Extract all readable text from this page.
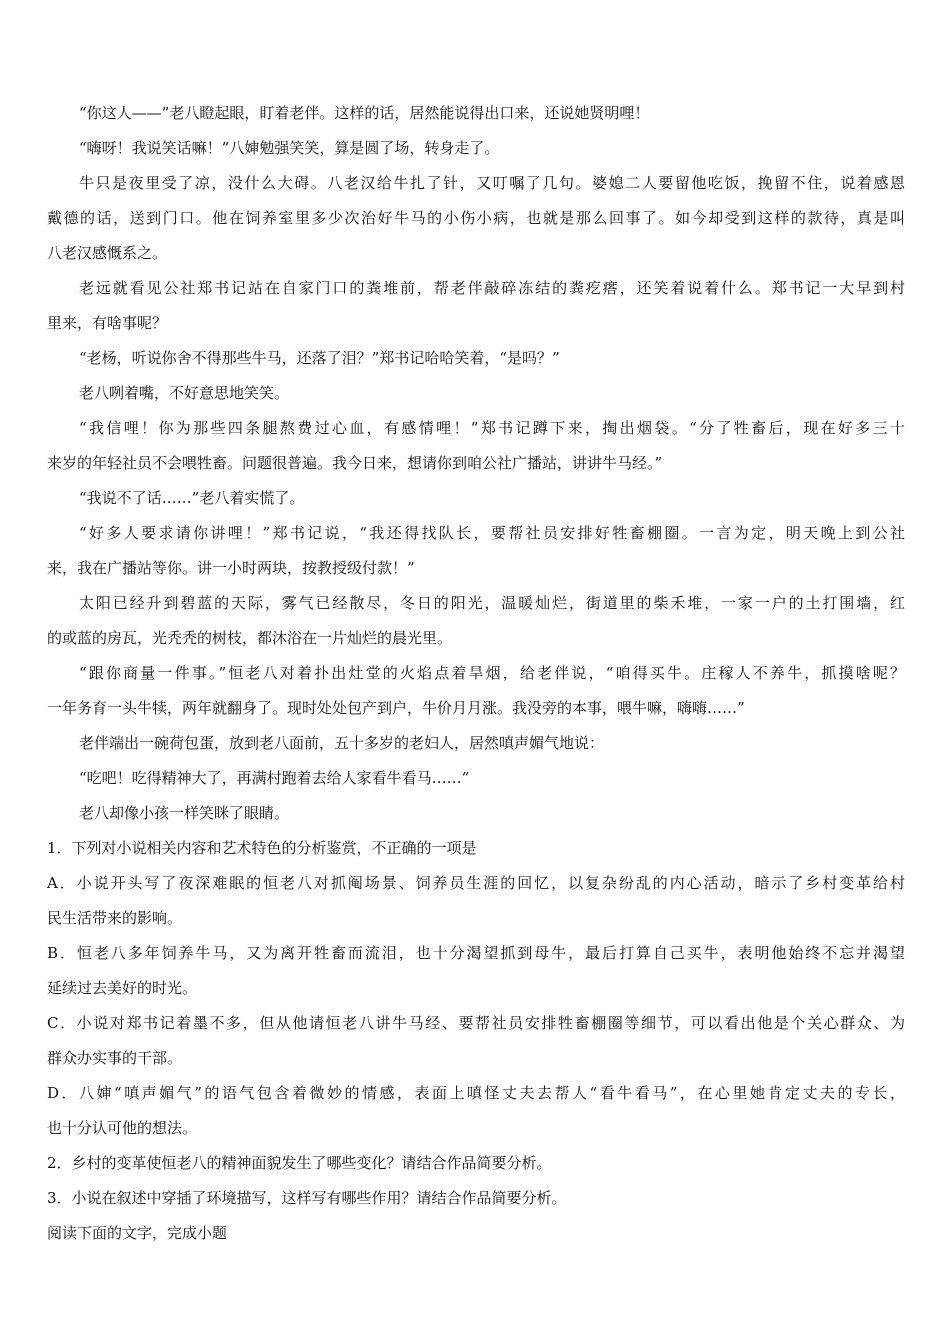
“你这人——”老八瞪起眼，盯着老伴。这样的话，居然能说得出口来，还说她贤明哩！
“嗨呀！我说笑话嘛！”八婶勉强笑笑，算是圆了场，转身走了。
牛只是夜里受了凉，没什么大碍。八老汉给牛扎了针，又叮嘱了几句。婆媳二人要留他吃饭，挽留不住，说着感恩
戴德的话，送到门口。他在饲养室里多少次治好牛马的小伤小病，也就是那么回事了。如今却受到这样的款待，真是叫
八老汉感慨系之。
老远就看见公社郑书记站在自家门口的粪堆前，帮老伴敲碎冻结的粪疙瘩，还笑着说着什么。郑书记一大早到村
里来，有啥事呢？
“老杨，听说你舍不得那些牛马，还落了泪？”郑书记哈哈笑着，“是吗？”
老八咧着嘴，不好意思地笑笑。
“我信哩！你为那些四条腿熬费过心血，有感情哩！”郑书记蹲下来，掏出烟袋。“分了牲畜后，现在好多三十
来岁的年轻社员不会喂牲畜。问题很普遍。我今日来，想请你到咱公社广播站，讲讲牛马经。”
“我说不了话……”老八着实慌了。
“好多人要求请你讲哩！”郑书记说，“我还得找队长，要帮社员安排好牲畜棚圈。一言为定，明天晚上到公社
来，我在广播站等你。讲一小时两块，按教授级付款！”
太阳已经升到碧蓝的天际，雾气已经散尽，冬日的阳光，温暖灿烂，街道里的柴禾堆，一家一户的土打围墙，红
的或蓝的房瓦，光秃秃的树枝，都沐浴在一片灿烂的晨光里。
“跟你商量一件事。”恒老八对着扑出灶堂的火焰点着旱烟，给老伴说，“咱得买牛。庄稼人不养牛，抓摸啥呢？
一年务育一头牛犊，两年就翻身了。现时处处包产到户，牛价月月涨。我没旁的本事，喂牛嘛，嗨嗨……”
老伴端出一碗荷包蛋，放到老八面前，五十多岁的老妇人，居然嗔声媚气地说：
“吃吧！吃得精神大了，再满村跑着去给人家看牛看马……”
老八却像小孩一样笑眯了眼睛。
1．下列对小说相关内容和艺术特色的分析鉴赏，不正确的一项是
A．小说开头写了夜深难眠的恒老八对抓阄场景、饲养员生涯的回忆，以复杂纷乱的内心活动，暗示了乡村变革给村
民生活带来的影响。
B．恒老八多年饲养牛马，又为离开牲畜而流泪，也十分渴望抓到母牛，最后打算自己买牛，表明他始终不忘并渴望
延续过去美好的时光。
C．小说对郑书记着墨不多，但从他请恒老八讲牛马经、要帮社员安排牲畜棚圈等细节，可以看出他是个关心群众、为
群众办实事的干部。
D．八婶“嗔声媚气”的语气包含着微妙的情感，表面上嗔怪丈夫去帮人“看牛看马”，在心里她肯定丈夫的专长，
也十分认可他的想法。
2．乡村的变革使恒老八的精神面貌发生了哪些变化？请结合作品简要分析。
3．小说在叙述中穿插了环境描写，这样写有哪些作用？请结合作品简要分析。
阅读下面的文字，完成小题
